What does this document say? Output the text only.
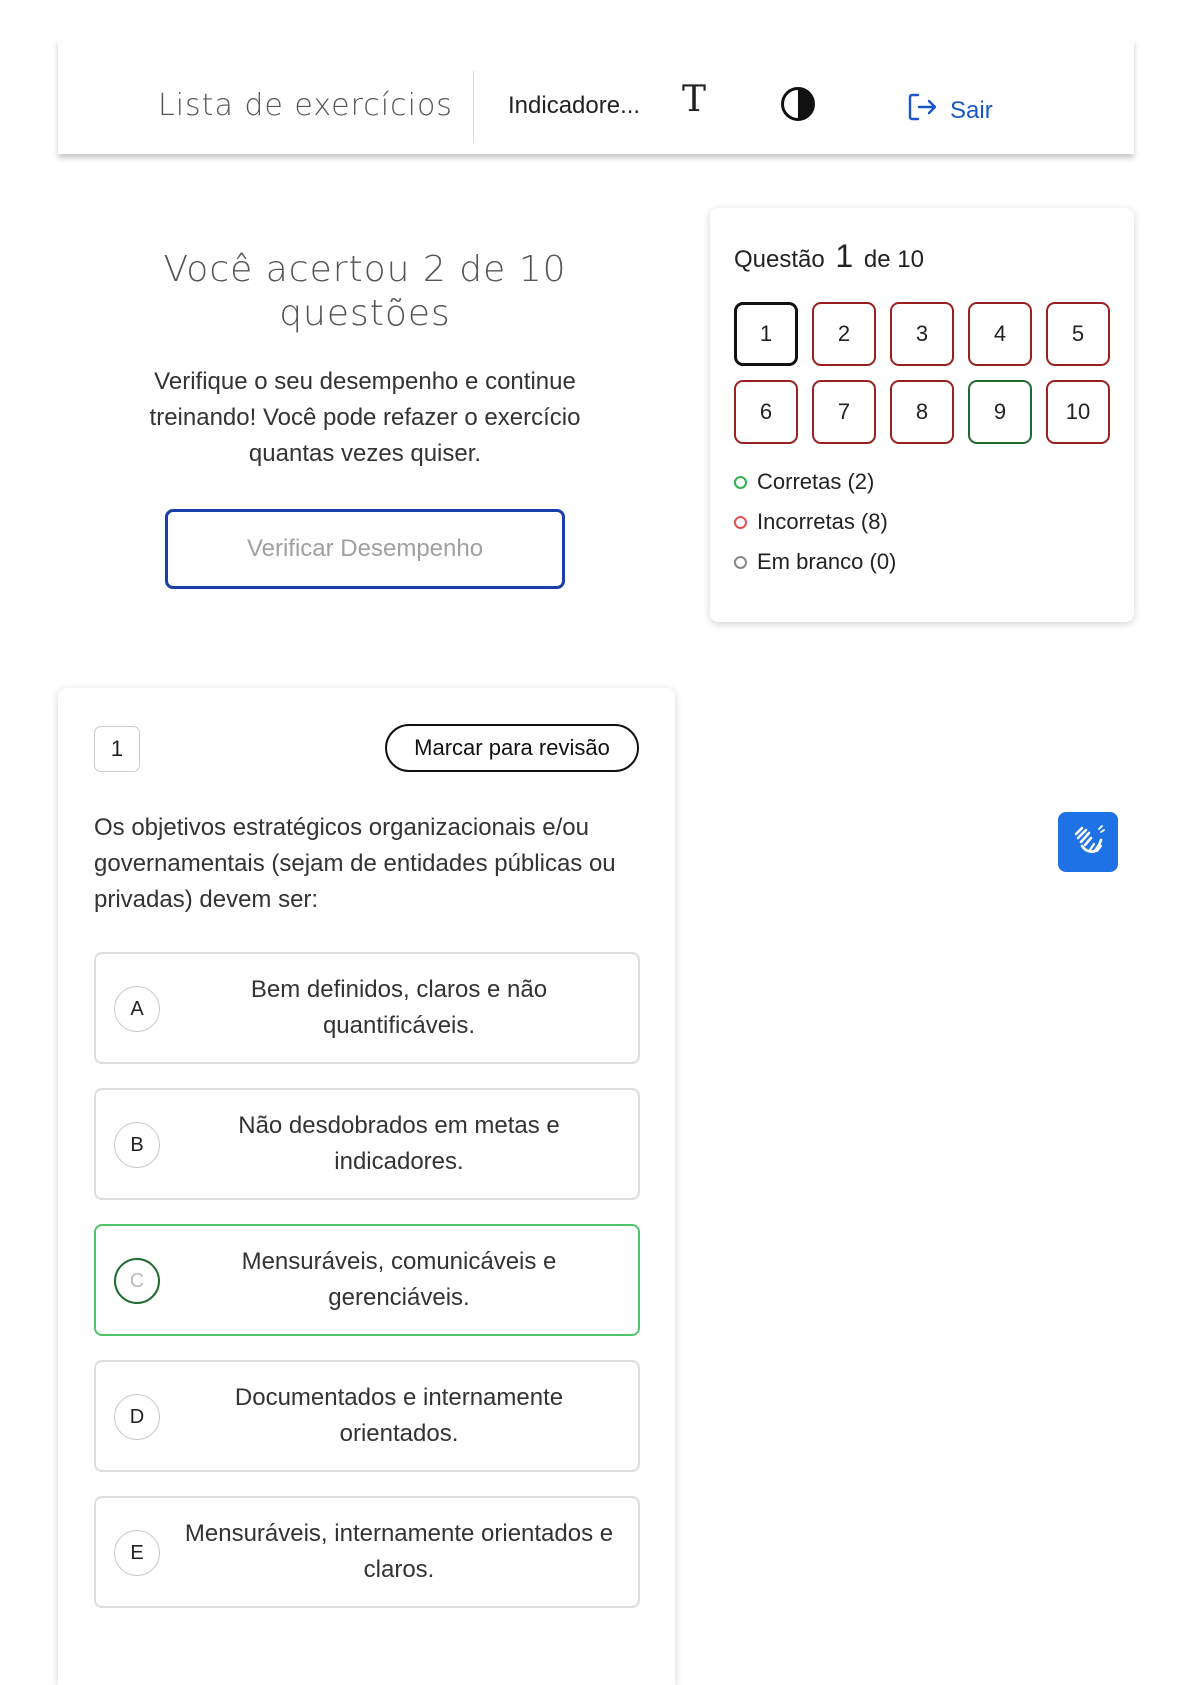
Lista de exercícios Indicadore... T	Sair
Você acertou 2 de 10 questões
Verifique o seu desempenho e continue treinando! Você pode refazer o exercício quantas vezes quiser.
Verificar Desempenho
Questão 1 de 10
1	2	3	4	5
6	7	8	9	10
Corretas (2)
Incorretas (8)
Em branco (0)
1	Marcar para revisão
Os objetivos estratégicos organizacionais e/ou governamentais (sejam de entidades públicas ou privadas) devem ser:
A
Bem definidos, claros e não quantificáveis.
B
Não desdobrados em metas e indicadores.
C
Mensuráveis, comunicáveis e gerenciáveis.
D
Documentados e internamente orientados.
E
Mensuráveis, internamente orientados e claros.
